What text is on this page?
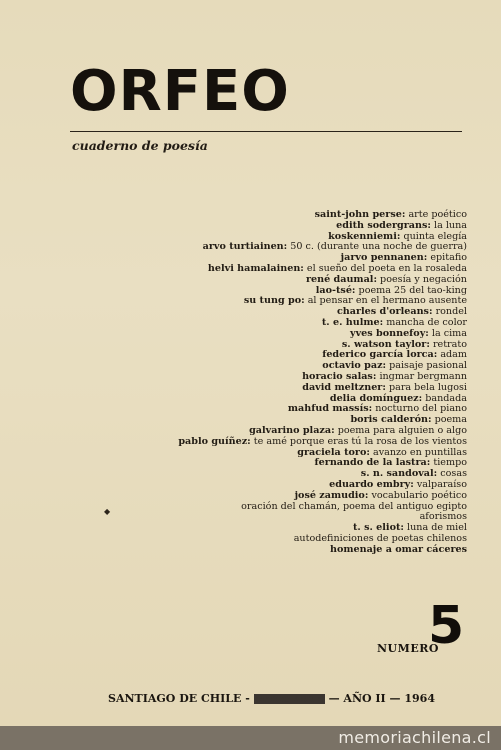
ORFEO
cuaderno de poesía
saint-john perse: arte poético
edith sodergrans: la luna
koskenniemi: quinta elegía
arvo turtiainen: 50 c. (durante una noche de guerra)
jarvo pennanen: epitafio
helvi hamalainen: el sueño del poeta en la rosaleda
rené daumal: poesía y negación
lao-tsé: poema 25 del tao-king
su tung po: al pensar en el hermano ausente
charles d'orleans: rondel
t. e. hulme: mancha de color
yves bonnefoy: la cima
s. watson taylor: retrato
federico garcía lorca: adam
octavio paz: paisaje pasional
horacio salas: ingmar bergmann
david meltzner: para bela lugosi
delia domínguez: bandada
mahfud massís: nocturno del piano
boris calderón: poema
galvarino plaza: poema para alguien o algo
pablo guíñez: te amé porque eras tú la rosa de los vientos
graciela toro: avanzo en puntillas
fernando de la lastra: tiempo
s. n. sandoval: cosas
eduardo embry: valparaíso
josé zamudio: vocabulario poético
oración del chamán, poema del antiguo egipto
aforismos
t. s. eliot: luna de miel
autodefiniciones de poetas chilenos
homenaje a omar cáceres
◆
NUMERO
5
SANTIAGO DE CHILE - MARZO-ABRIL — AÑO II — 1964
memoriachilena.cl
